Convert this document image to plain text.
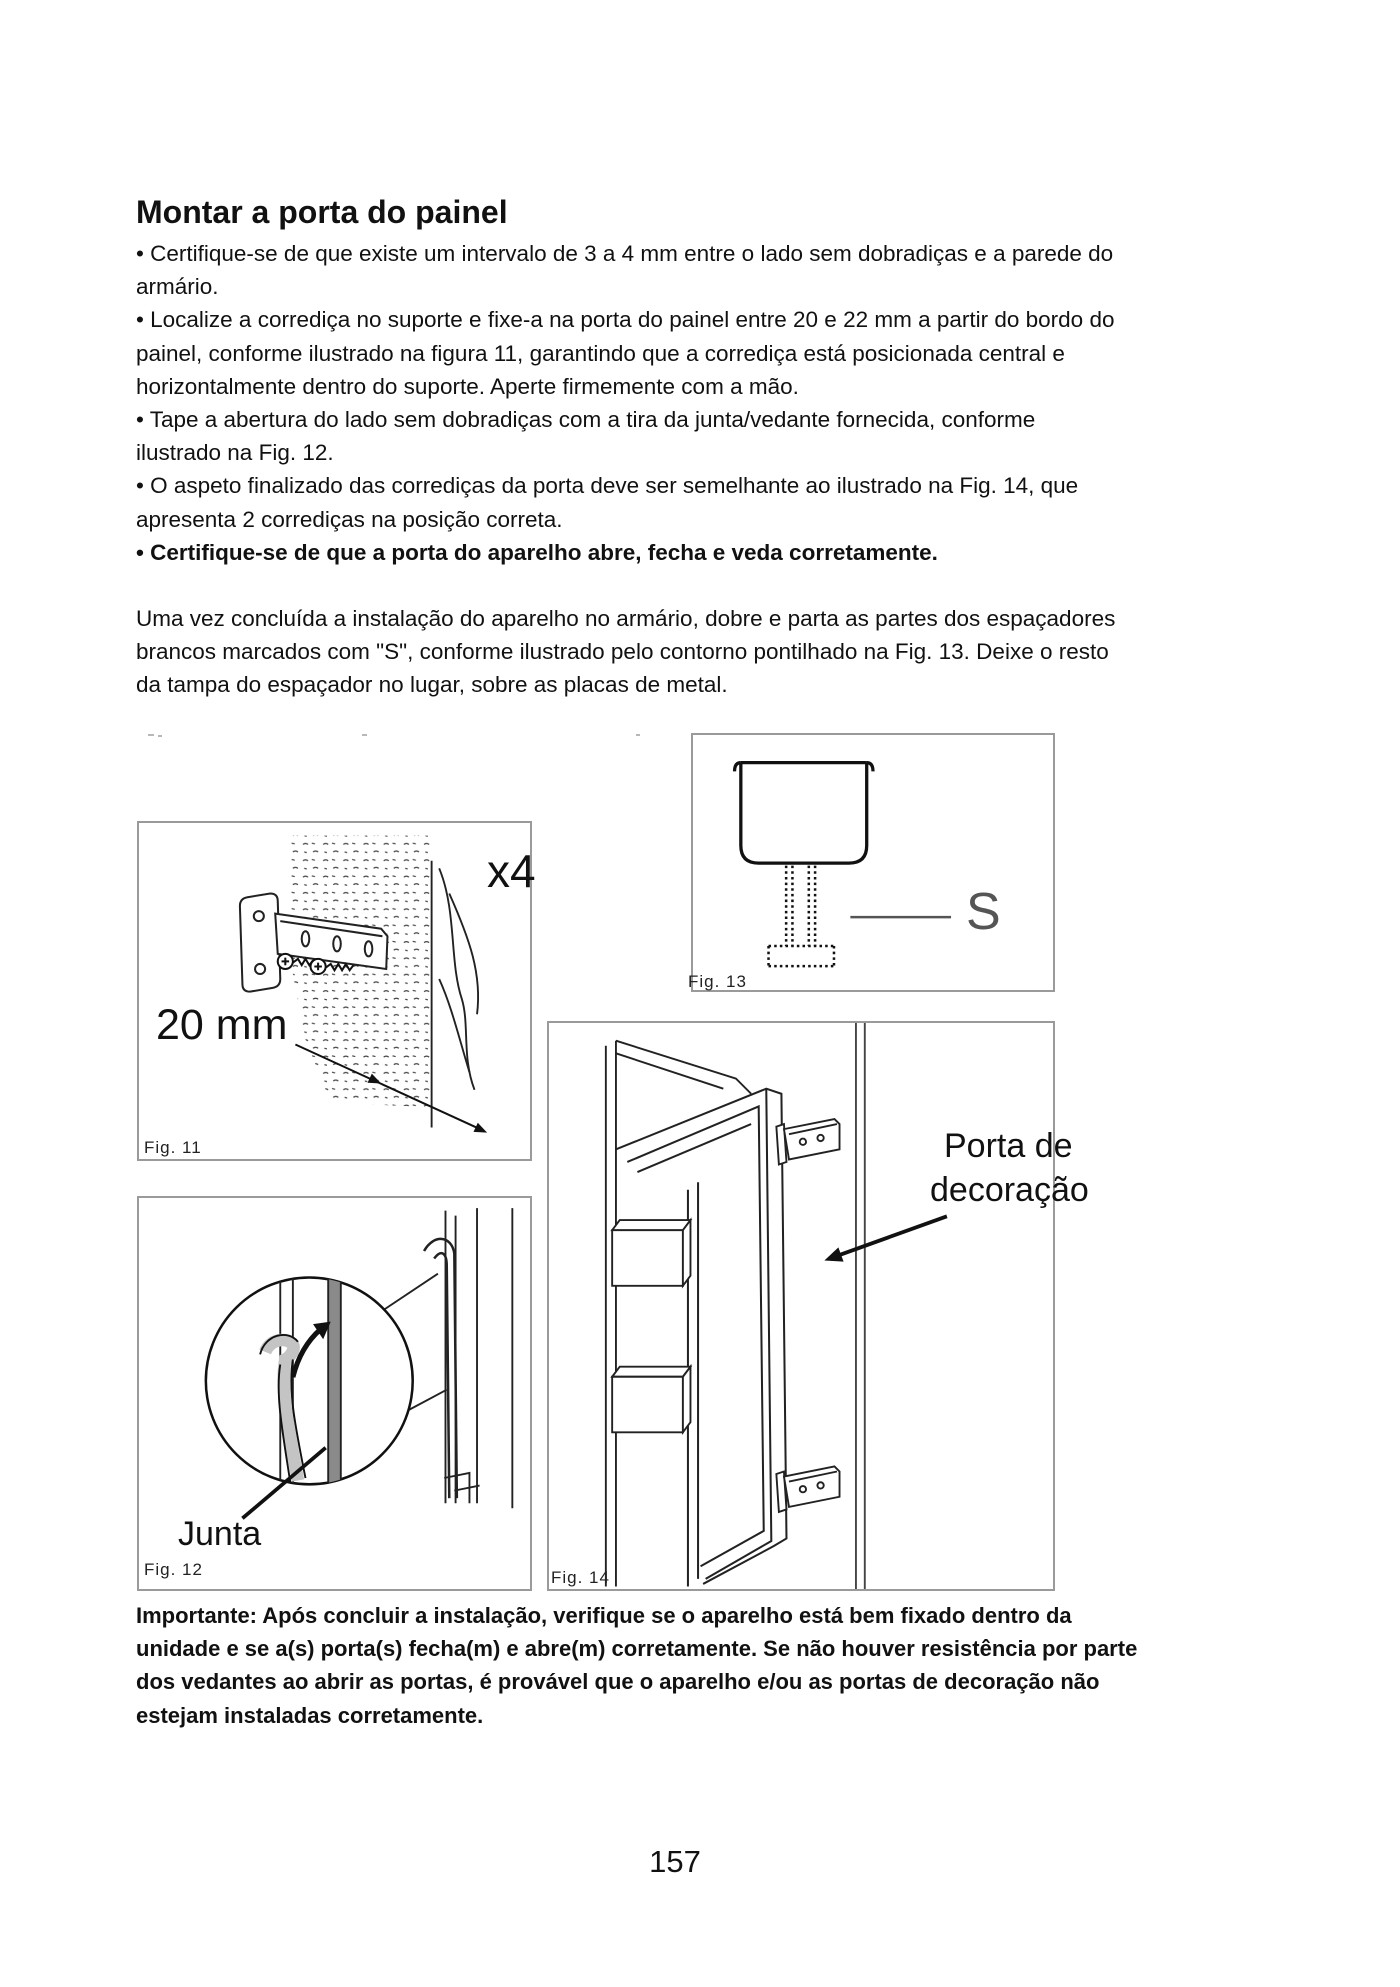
Montar a porta do painel
• Certifique-se de que existe um intervalo de 3 a 4 mm entre o lado sem dobradiças e a parede do
armário.
• Localize a corrediça no suporte e fixe-a na porta do painel entre 20 e 22 mm a partir do bordo do
painel, conforme ilustrado na figura 11, garantindo que a corrediça está posicionada central e
horizontalmente dentro do suporte. Aperte firmemente com a mão.
• Tape a abertura do lado sem dobradiças com a tira da junta/vedante fornecida, conforme
ilustrado na Fig. 12.
• O aspeto finalizado das corrediças da porta deve ser semelhante ao ilustrado na Fig. 14, que
apresenta 2 corrediças na posição correta.
• Certifique-se de que a porta do aparelho abre, fecha e veda corretamente.
Uma vez concluída a instalação do aparelho no armário, dobre e parta as partes dos espaçadores
brancos marcados com "S", conforme ilustrado pelo contorno pontilhado na Fig. 13. Deixe o resto
da tampa do espaçador no lugar, sobre as placas de metal.
x4
20 mm
Fig. 11
S
Fig. 13
Porta de
decoração
Fig. 14
Junta
Fig. 12
Importante: Após concluir a instalação, verifique se o aparelho está bem fixado dentro da
unidade e se a(s) porta(s) fecha(m) e abre(m) corretamente. Se não houver resistência por parte
dos vedantes ao abrir as portas, é provável que o aparelho e/ou as portas de decoração não
estejam instaladas corretamente.
157
